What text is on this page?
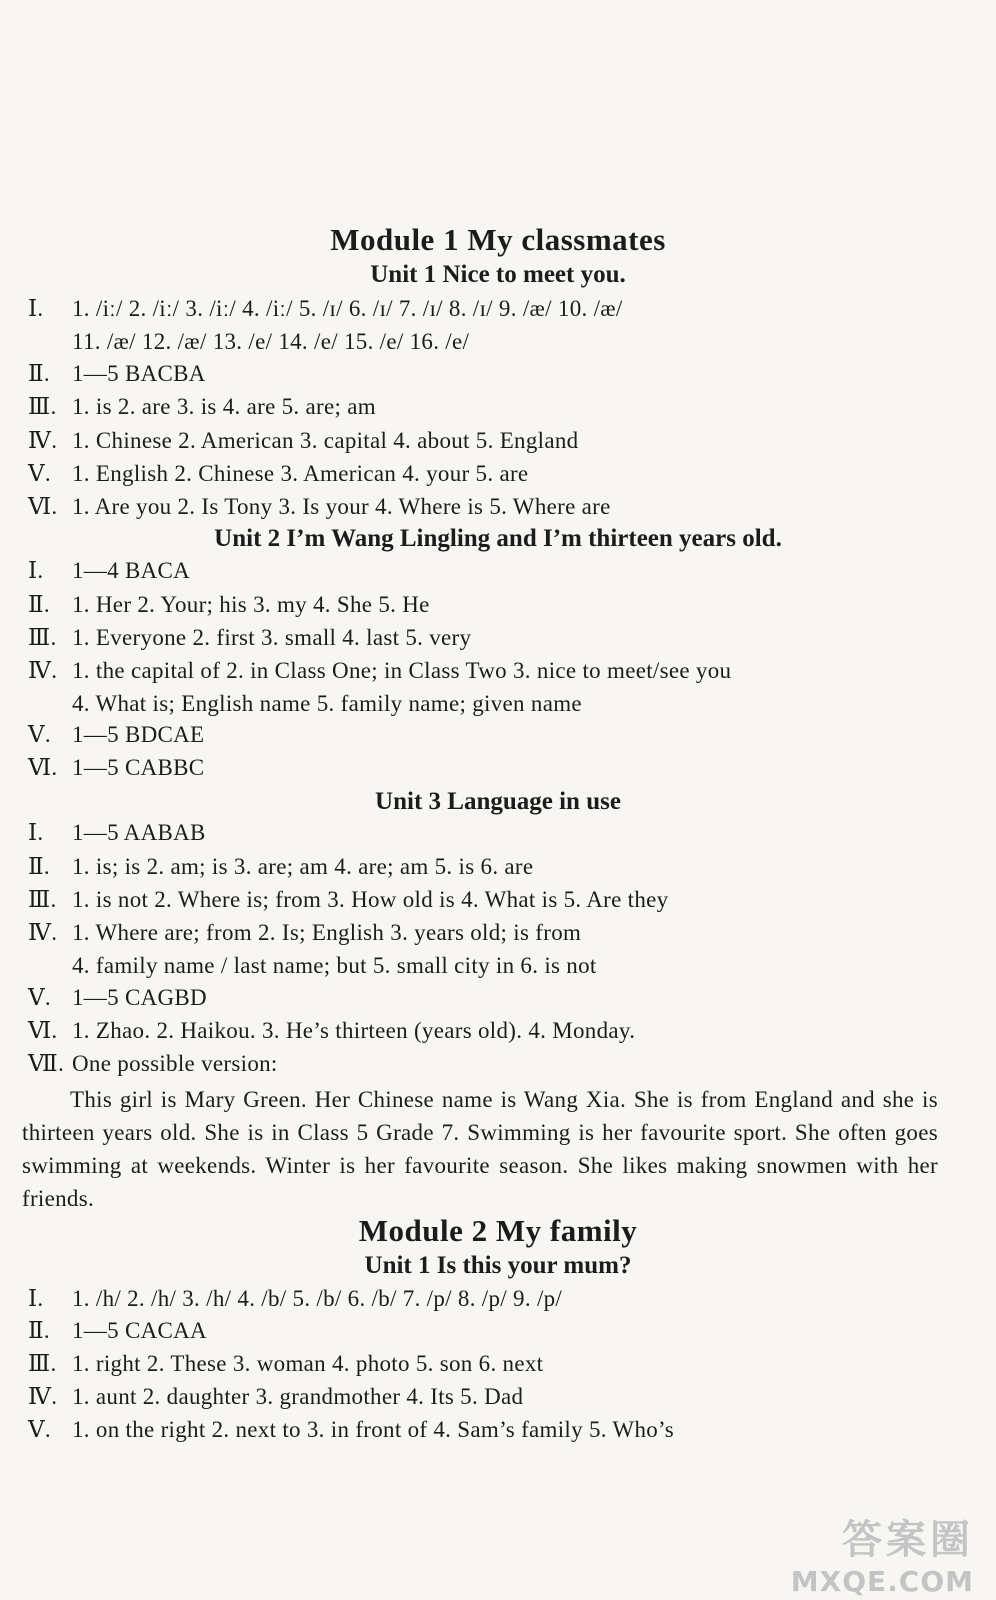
Module 1 My classmates
Unit 1 Nice to meet you.
Ⅰ. 1. /iː/ 2. /iː/ 3. /iː/ 4. /iː/ 5. /ɪ/ 6. /ɪ/ 7. /ɪ/ 8. /ɪ/ 9. /æ/ 10. /æ/
11. /æ/ 12. /æ/ 13. /e/ 14. /e/ 15. /e/ 16. /e/
Ⅱ. 1—5 BACBA
Ⅲ. 1. is 2. are 3. is 4. are 5. are; am
Ⅳ. 1. Chinese 2. American 3. capital 4. about 5. England
Ⅴ. 1. English 2. Chinese 3. American 4. your 5. are
Ⅵ. 1. Are you 2. Is Tony 3. Is your 4. Where is 5. Where are
Unit 2 I’m Wang Lingling and I’m thirteen years old.
Ⅰ. 1—4 BACA
Ⅱ. 1. Her 2. Your; his 3. my 4. She 5. He
Ⅲ. 1. Everyone 2. first 3. small 4. last 5. very
Ⅳ. 1. the capital of 2. in Class One; in Class Two 3. nice to meet/see you
4. What is; English name 5. family name; given name
Ⅴ. 1—5 BDCAE
Ⅵ. 1—5 CABBC
Unit 3 Language in use
Ⅰ. 1—5 AABAB
Ⅱ. 1. is; is 2. am; is 3. are; am 4. are; am 5. is 6. are
Ⅲ. 1. is not 2. Where is; from 3. How old is 4. What is 5. Are they
Ⅳ. 1. Where are; from 2. Is; English 3. years old; is from
4. family name / last name; but 5. small city in 6. is not
Ⅴ. 1—5 CAGBD
Ⅵ. 1. Zhao. 2. Haikou. 3. He’s thirteen (years old). 4. Monday.
Ⅶ. One possible version:
This girl is Mary Green. Her Chinese name is Wang Xia. She is from England and she is thirteen years old. She is in Class 5 Grade 7. Swimming is her favourite sport. She often goes swimming at weekends. Winter is her favourite season. She likes making snowmen with her friends.
Module 2 My family
Unit 1 Is this your mum?
Ⅰ. 1. /h/ 2. /h/ 3. /h/ 4. /b/ 5. /b/ 6. /b/ 7. /p/ 8. /p/ 9. /p/
Ⅱ. 1—5 CACAA
Ⅲ. 1. right 2. These 3. woman 4. photo 5. son 6. next
Ⅳ. 1. aunt 2. daughter 3. grandmother 4. Its 5. Dad
Ⅴ. 1. on the right 2. next to 3. in front of 4. Sam’s family 5. Who’s
答案圈
MXQE.COM
